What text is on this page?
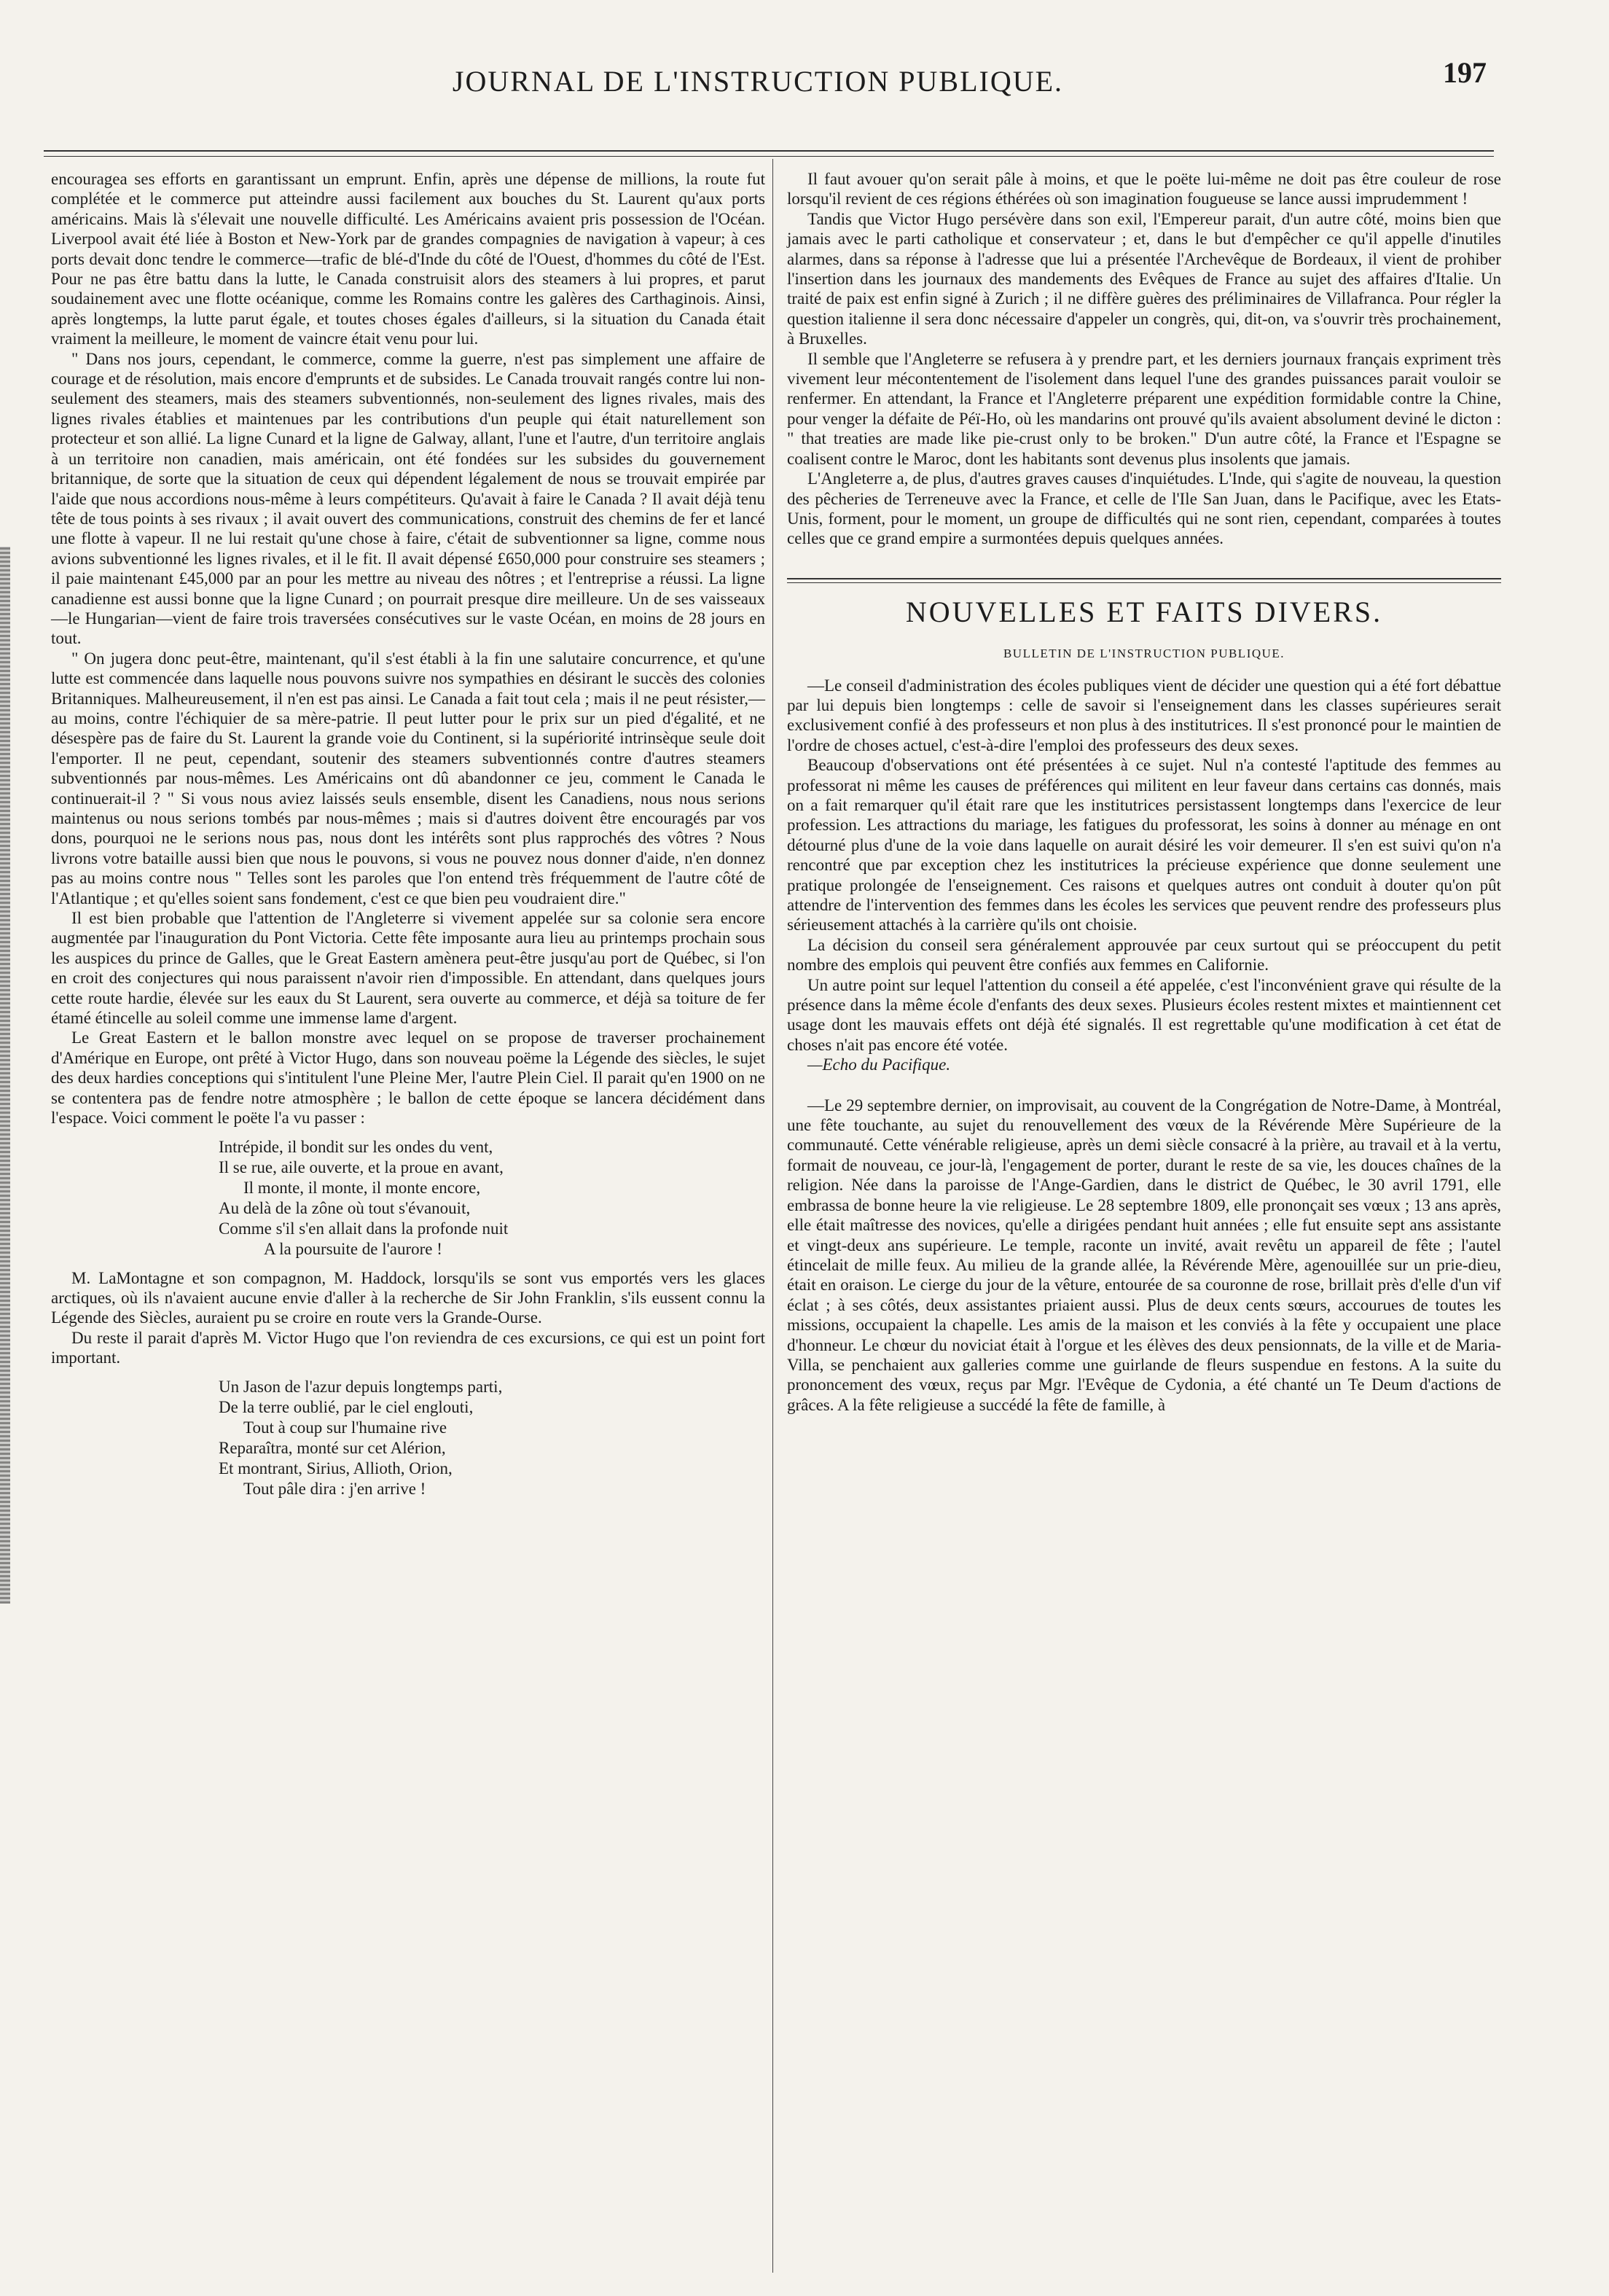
JOURNAL DE L'INSTRUCTION PUBLIQUE.	197

encouragea ses efforts en garantissant un emprunt. Enfin, après une dépense de millions, la route fut complétée et le commerce put atteindre aussi facilement aux bouches du St. Laurent qu'aux ports américains. Mais là s'élevait une nouvelle difficulté. Les Américains avaient pris possession de l'Océan. Liverpool avait été liée à Boston et New-York par de grandes compagnies de navigation à vapeur; à ces ports devait donc tendre le commerce—trafic de blé-d'Inde du côté de l'Ouest, d'hommes du côté de l'Est. Pour ne pas être battu dans la lutte, le Canada construisit alors des steamers à lui propres, et parut soudainement avec une flotte océanique, comme les Romains contre les galères des Carthaginois. Ainsi, après longtemps, la lutte parut égale, et toutes choses égales d'ailleurs, si la situation du Canada était vraiment la meilleure, le moment de vaincre était venu pour lui.

" Dans nos jours, cependant, le commerce, comme la guerre, n'est pas simplement une affaire de courage et de résolution, mais encore d'emprunts et de subsides. Le Canada trouvait rangés contre lui non-seulement des steamers, mais des steamers subventionnés, non-seulement des lignes rivales, mais des lignes rivales établies et maintenues par les contributions d'un peuple qui était naturellement son protecteur et son allié. La ligne Cunard et la ligne de Galway, allant, l'une et l'autre, d'un territoire anglais à un territoire non canadien, mais américain, ont été fondées sur les subsides du gouvernement britannique, de sorte que la situation de ceux qui dépendent légalement de nous se trouvait empirée par l'aide que nous accordions nous-même à leurs compétiteurs. Qu'avait à faire le Canada ? Il avait déjà tenu tête de tous points à ses rivaux ; il avait ouvert des communications, construit des chemins de fer et lancé une flotte à vapeur. Il ne lui restait qu'une chose à faire, c'était de subventionner sa ligne, comme nous avions subventionné les lignes rivales, et il le fit. Il avait dépensé £650,000 pour construire ses steamers ; il paie maintenant £45,000 par an pour les mettre au niveau des nôtres ; et l'entreprise a réussi. La ligne canadienne est aussi bonne que la ligne Cunard ; on pourrait presque dire meilleure. Un de ses vaisseaux—le Hungarian—vient de faire trois traversées consécutives sur le vaste Océan, en moins de 28 jours en tout.

" On jugera donc peut-être, maintenant, qu'il s'est établi à la fin une salutaire concurrence, et qu'une lutte est commencée dans laquelle nous pouvons suivre nos sympathies en désirant le succès des colonies Britanniques. Malheureusement, il n'en est pas ainsi. Le Canada a fait tout cela ; mais il ne peut résister,—au moins, contre l'échiquier de sa mère-patrie. Il peut lutter pour le prix sur un pied d'égalité, et ne désespère pas de faire du St. Laurent la grande voie du Continent, si la supériorité intrinsèque seule doit l'emporter. Il ne peut, cependant, soutenir des steamers subventionnés contre d'autres steamers subventionnés par nous-mêmes. Les Américains ont dû abandonner ce jeu, comment le Canada le continuerait-il ? " Si vous nous aviez laissés seuls ensemble, disent les Canadiens, nous nous serions maintenus ou nous serions tombés par nous-mêmes ; mais si d'autres doivent être encouragés par vos dons, pourquoi ne le serions nous pas, nous dont les intérêts sont plus rapprochés des vôtres ? Nous livrons votre bataille aussi bien que nous le pouvons, si vous ne pouvez nous donner d'aide, n'en donnez pas au moins contre nous " Telles sont les paroles que l'on entend très fréquemment de l'autre côté de l'Atlantique ; et qu'elles soient sans fondement, c'est ce que bien peu voudraient dire."

Il est bien probable que l'attention de l'Angleterre si vivement appelée sur sa colonie sera encore augmentée par l'inauguration du Pont Victoria. Cette fête imposante aura lieu au printemps prochain sous les auspices du prince de Galles, que le Great Eastern amènera peut-être jusqu'au port de Québec, si l'on en croit des conjectures qui nous paraissent n'avoir rien d'impossible. En attendant, dans quelques jours cette route hardie, élevée sur les eaux du St Laurent, sera ouverte au commerce, et déjà sa toiture de fer étamé étincelle au soleil comme une immense lame d'argent.

Le Great Eastern et le ballon monstre avec lequel on se propose de traverser prochainement d'Amérique en Europe, ont prêté à Victor Hugo, dans son nouveau poëme la Légende des siècles, le sujet des deux hardies conceptions qui s'intitulent l'une Pleine Mer, l'autre Plein Ciel. Il parait qu'en 1900 on ne se contentera pas de fendre notre atmosphère ; le ballon de cette époque se lancera décidément dans l'espace. Voici comment le poëte l'a vu passer :

Intrépide, il bondit sur les ondes du vent,
Il se rue, aile ouverte, et la proue en avant,
Il monte, il monte, il monte encore,
Au delà de la zône où tout s'évanouit,
Comme s'il s'en allait dans la profonde nuit
A la poursuite de l'aurore !

M. LaMontagne et son compagnon, M. Haddock, lorsqu'ils se sont vus emportés vers les glaces arctiques, où ils n'avaient aucune envie d'aller à la recherche de Sir John Franklin, s'ils eussent connu la Légende des Siècles, auraient pu se croire en route vers la Grande-Ourse.

Du reste il parait d'après M. Victor Hugo que l'on reviendra de ces excursions, ce qui est un point fort important.

Un Jason de l'azur depuis longtemps parti,
De la terre oublié, par le ciel englouti,
Tout à coup sur l'humaine rive
Reparaîtra, monté sur cet Alérion,
Et montrant, Sirius, Allioth, Orion,
Tout pâle dira : j'en arrive !

Il faut avouer qu'on serait pâle à moins, et que le poëte lui-même ne doit pas être couleur de rose lorsqu'il revient de ces régions éthérées où son imagination fougueuse se lance aussi imprudemment !

Tandis que Victor Hugo persévère dans son exil, l'Empereur parait, d'un autre côté, moins bien que jamais avec le parti catholique et conservateur ; et, dans le but d'empêcher ce qu'il appelle d'inutiles alarmes, dans sa réponse à l'adresse que lui a présentée l'Archevêque de Bordeaux, il vient de prohiber l'insertion dans les journaux des mandements des Evêques de France au sujet des affaires d'Italie. Un traité de paix est enfin signé à Zurich ; il ne diffère guères des préliminaires de Villafranca. Pour régler la question italienne il sera donc nécessaire d'appeler un congrès, qui, dit-on, va s'ouvrir très prochainement, à Bruxelles.

Il semble que l'Angleterre se refusera à y prendre part, et les derniers journaux français expriment très vivement leur mécontentement de l'isolement dans lequel l'une des grandes puissances parait vouloir se renfermer. En attendant, la France et l'Angleterre préparent une expédition formidable contre la Chine, pour venger la défaite de Péï-Ho, où les mandarins ont prouvé qu'ils avaient absolument deviné le dicton : " that treaties are made like pie-crust only to be broken." D'un autre côté, la France et l'Espagne se coalisent contre le Maroc, dont les habitants sont devenus plus insolents que jamais.

L'Angleterre a, de plus, d'autres graves causes d'inquiétudes. L'Inde, qui s'agite de nouveau, la question des pêcheries de Terreneuve avec la France, et celle de l'Ile San Juan, dans le Pacifique, avec les Etats-Unis, forment, pour le moment, un groupe de difficultés qui ne sont rien, cependant, comparées à toutes celles que ce grand empire a surmontées depuis quelques années.

NOUVELLES ET FAITS DIVERS.
BULLETIN DE L'INSTRUCTION PUBLIQUE.

—Le conseil d'administration des écoles publiques vient de décider une question qui a été fort débattue par lui depuis bien longtemps : celle de savoir si l'enseignement dans les classes supérieures serait exclusivement confié à des professeurs et non plus à des institutrices. Il s'est prononcé pour le maintien de l'ordre de choses actuel, c'est-à-dire l'emploi des professeurs des deux sexes.

Beaucoup d'observations ont été présentées à ce sujet. Nul n'a contesté l'aptitude des femmes au professorat ni même les causes de préférences qui militent en leur faveur dans certains cas donnés, mais on a fait remarquer qu'il était rare que les institutrices persistassent longtemps dans l'exercice de leur profession. Les attractions du mariage, les fatigues du professorat, les soins à donner au ménage en ont détourné plus d'une de la voie dans laquelle on aurait désiré les voir demeurer. Il s'en est suivi qu'on n'a rencontré que par exception chez les institutrices la précieuse expérience que donne seulement une pratique prolongée de l'enseignement. Ces raisons et quelques autres ont conduit à douter qu'on pût attendre de l'intervention des femmes dans les écoles les services que peuvent rendre des professeurs plus sérieusement attachés à la carrière qu'ils ont choisie.

La décision du conseil sera généralement approuvée par ceux surtout qui se préoccupent du petit nombre des emplois qui peuvent être confiés aux femmes en Californie.

Un autre point sur lequel l'attention du conseil a été appelée, c'est l'inconvénient grave qui résulte de la présence dans la même école d'enfants des deux sexes. Plusieurs écoles restent mixtes et maintiennent cet usage dont les mauvais effets ont déjà été signalés. Il est regrettable qu'une modification à cet état de choses n'ait pas encore été votée.

—Echo du Pacifique.

—Le 29 septembre dernier, on improvisait, au couvent de la Congrégation de Notre-Dame, à Montréal, une fête touchante, au sujet du renouvellement des vœux de la Révérende Mère Supérieure de la communauté. Cette vénérable religieuse, après un demi siècle consacré à la prière, au travail et à la vertu, formait de nouveau, ce jour-là, l'engagement de porter, durant le reste de sa vie, les douces chaînes de la religion. Née dans la paroisse de l'Ange-Gardien, dans le district de Québec, le 30 avril 1791, elle embrassa de bonne heure la vie religieuse. Le 28 septembre 1809, elle prononçait ses vœux ; 13 ans après, elle était maîtresse des novices, qu'elle a dirigées pendant huit années ; elle fut ensuite sept ans assistante et vingt-deux ans supérieure. Le temple, raconte un invité, avait revêtu un appareil de fête ; l'autel étincelait de mille feux. Au milieu de la grande allée, la Révérende Mère, agenouillée sur un prie-dieu, était en oraison. Le cierge du jour de la vêture, entourée de sa couronne de rose, brillait près d'elle d'un vif éclat ; à ses côtés, deux assistantes priaient aussi. Plus de deux cents sœurs, accourues de toutes les missions, occupaient la chapelle. Les amis de la maison et les conviés à la fête y occupaient une place d'honneur. Le chœur du noviciat était à l'orgue et les élèves des deux pensionnats, de la ville et de Maria-Villa, se penchaient aux galleries comme une guirlande de fleurs suspendue en festons. A la suite du prononcement des vœux, reçus par Mgr. l'Evêque de Cydonia, a été chanté un Te Deum d'actions de grâces. A la fête religieuse a succédé la fête de famille, à
